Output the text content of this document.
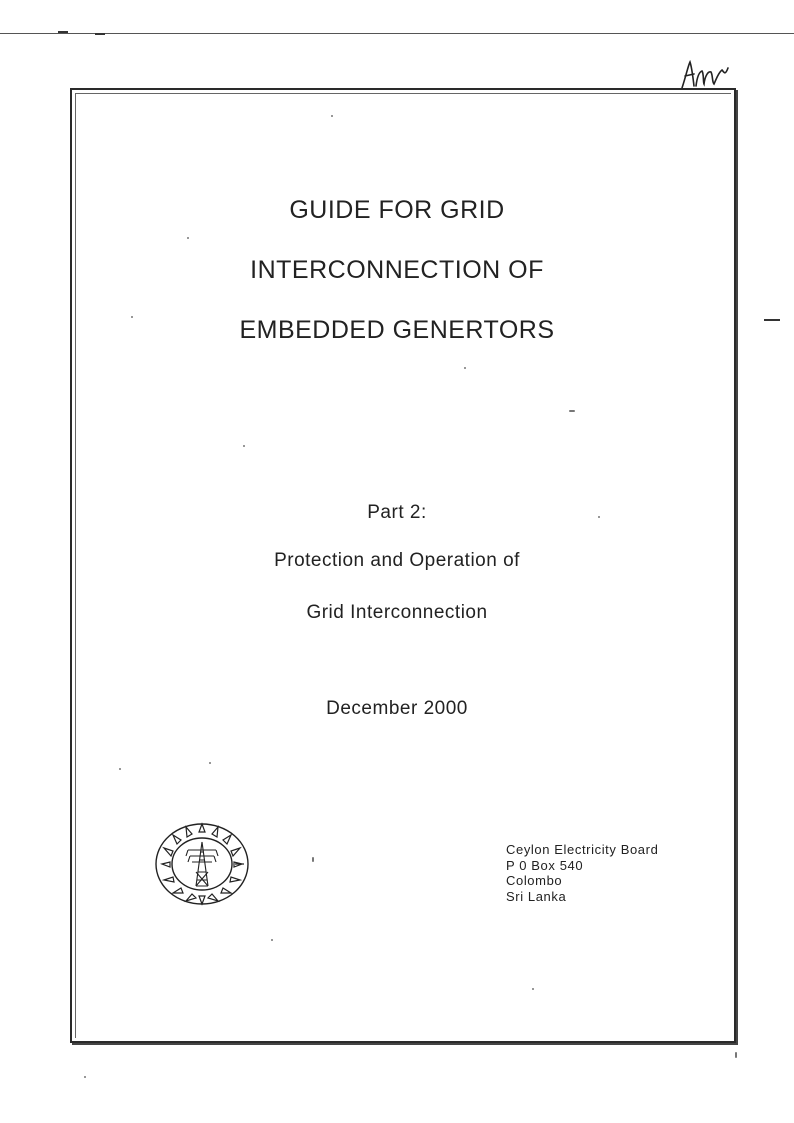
GUIDE FOR GRID
INTERCONNECTION OF
EMBEDDED GENERTORS
Part 2:
Protection and Operation of
Grid Interconnection
December 2000
Ceylon Electricity Board
P 0 Box 540
Colombo
Sri Lanka
